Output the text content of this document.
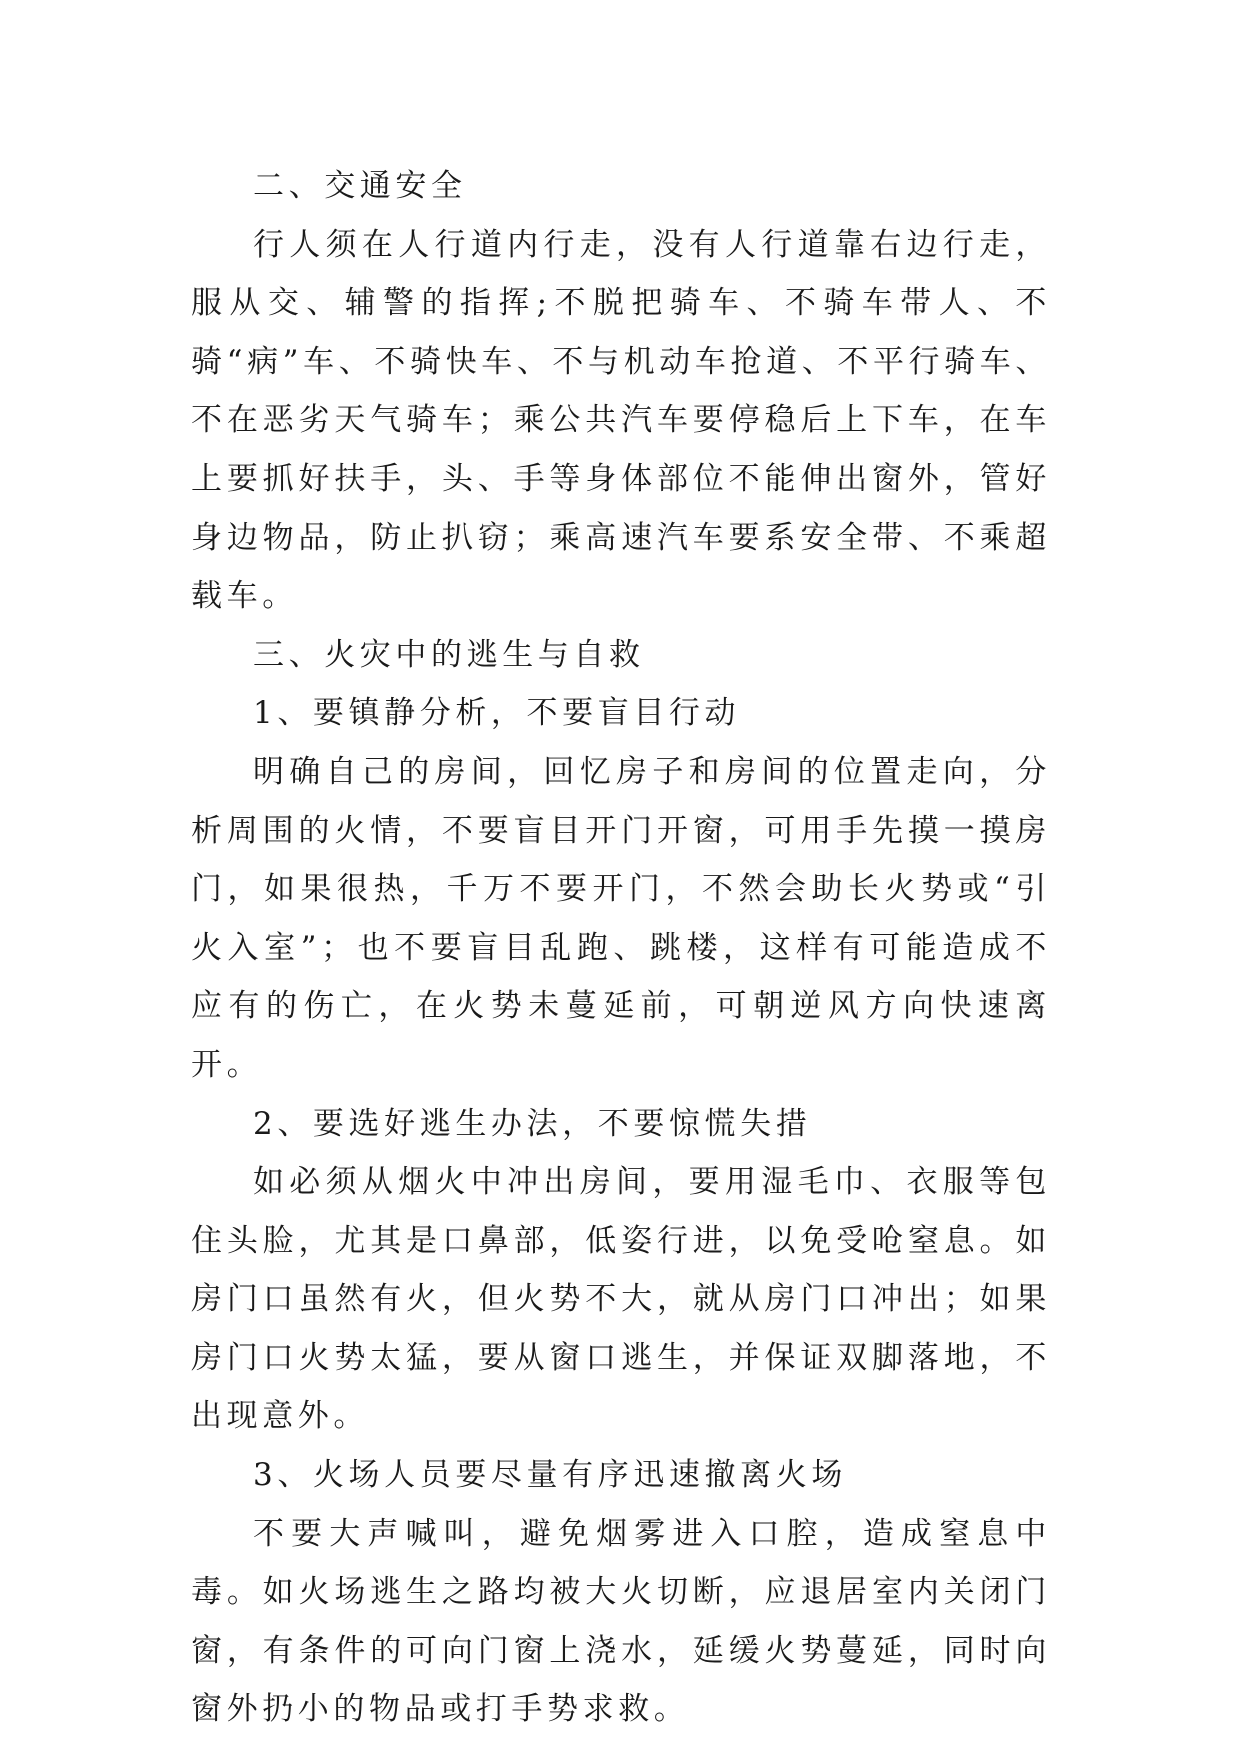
二、交通安全

行人须在人行道内行走，没有人行道靠右边行走，服从交、辅警的指挥;不脱把骑车、不骑车带人、不骑“病”车、不骑快车、不与机动车抢道、不平行骑车、不在恶劣天气骑车；乘公共汽车要停稳后上下车，在车上要抓好扶手，头、手等身体部位不能伸出窗外，管好身边物品，防止扒窃；乘高速汽车要系安全带、不乘超载车。

三、火灾中的逃生与自救

1、要镇静分析，不要盲目行动

明确自己的房间，回忆房子和房间的位置走向，分析周围的火情，不要盲目开门开窗，可用手先摸一摸房门，如果很热，千万不要开门，不然会助长火势或“引火入室”；也不要盲目乱跑、跳楼，这样有可能造成不应有的伤亡，在火势未蔓延前，可朝逆风方向快速离开。

2、要选好逃生办法，不要惊慌失措

如必须从烟火中冲出房间，要用湿毛巾、衣服等包住头脸，尤其是口鼻部，低姿行进，以免受呛窒息。如房门口虽然有火，但火势不大，就从房门口冲出；如果房门口火势太猛，要从窗口逃生，并保证双脚落地，不出现意外。

3、火场人员要尽量有序迅速撤离火场

不要大声喊叫，避免烟雾进入口腔，造成窒息中毒。如火场逃生之路均被大火切断，应退居室内关闭门窗，有条件的可向门窗上浇水，延缓火势蔓延，同时向窗外扔小的物品或打手势求救。
